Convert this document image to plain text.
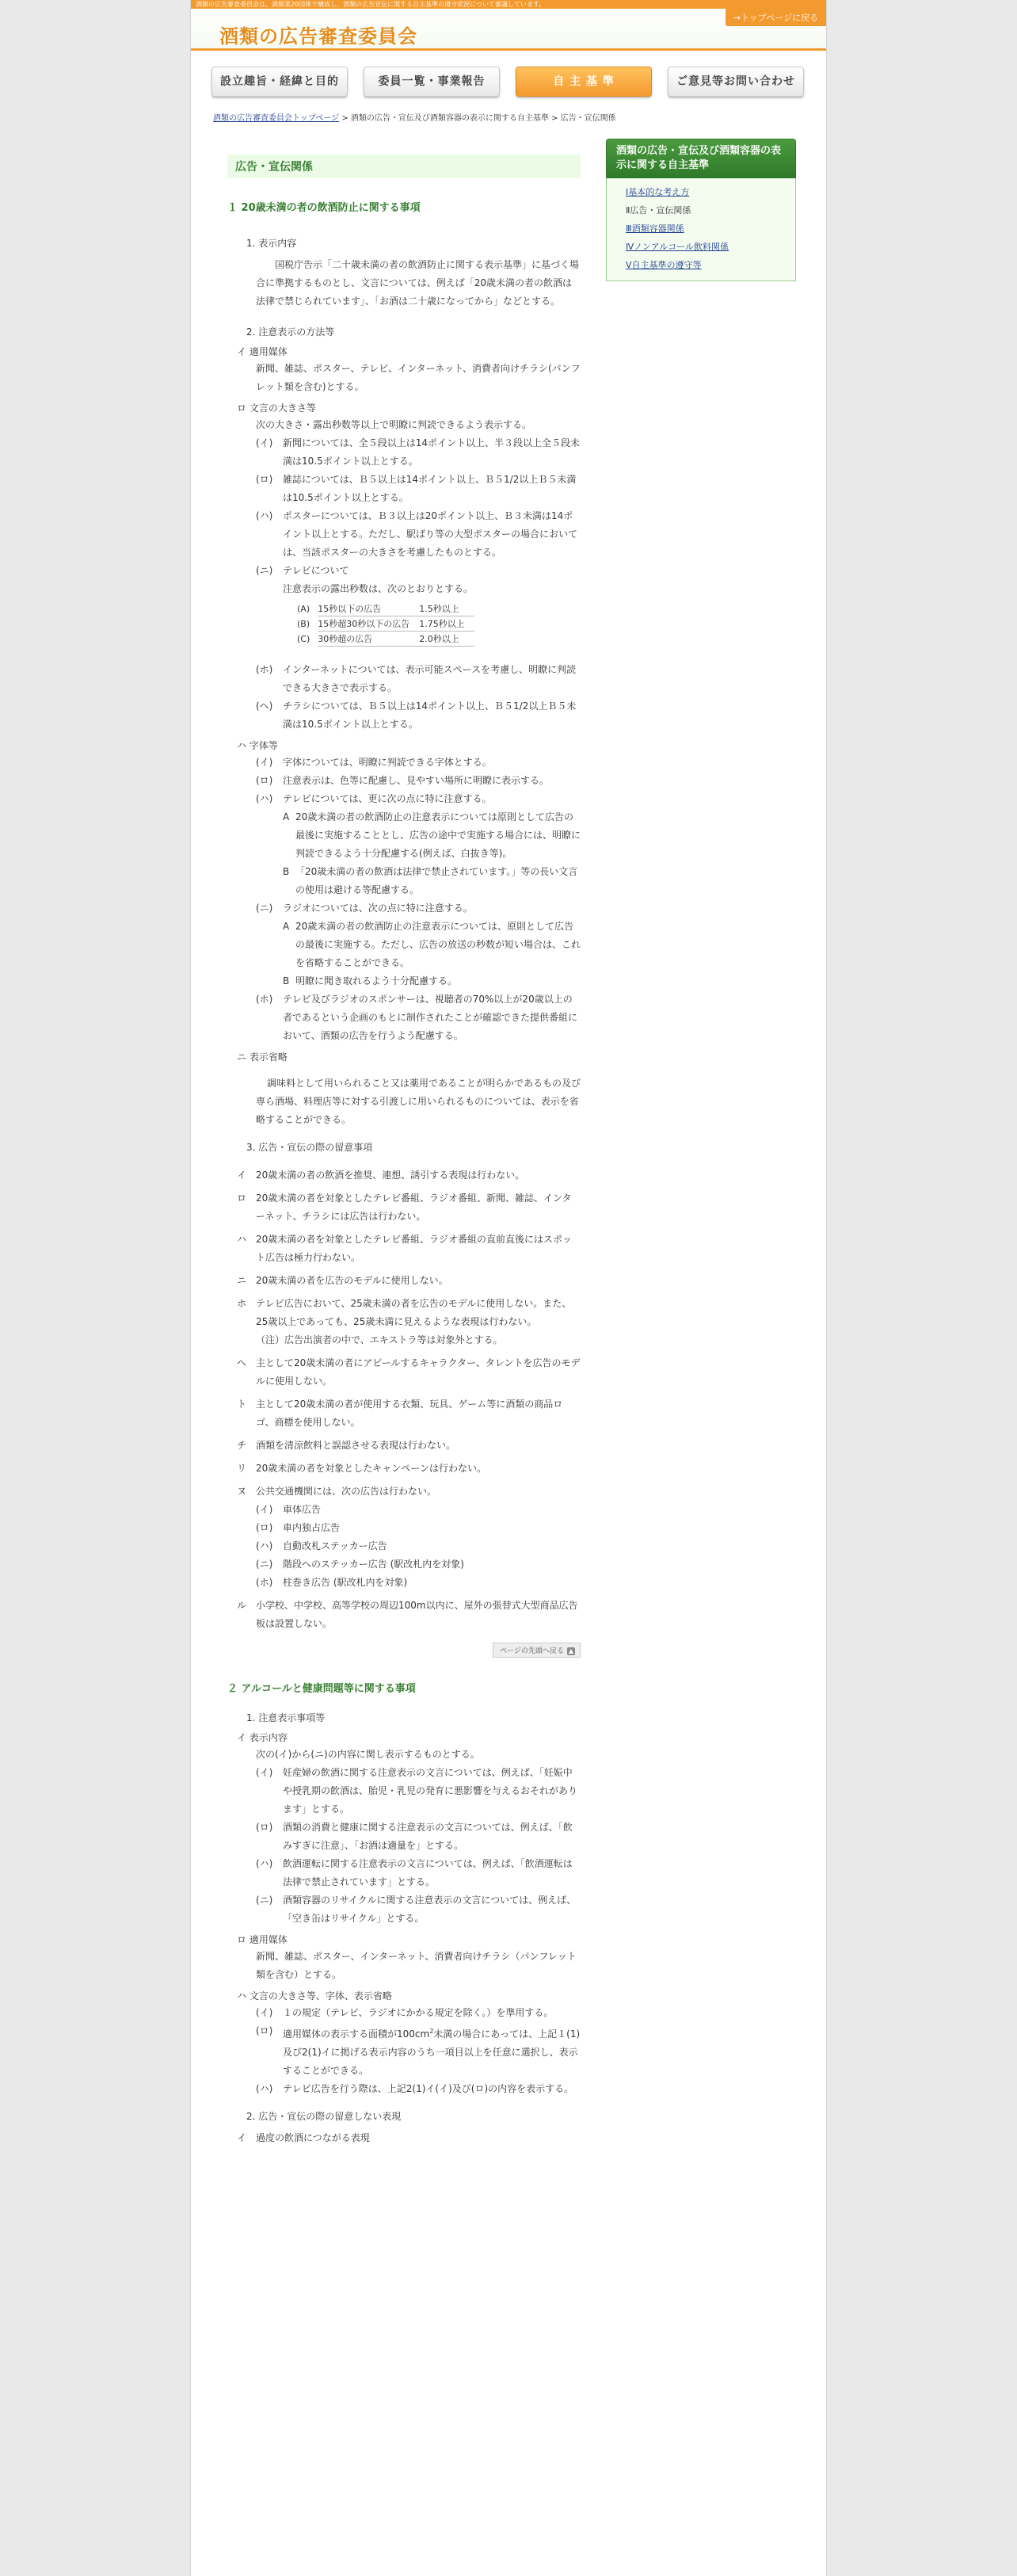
酒類の広告審査委員会は、酒類業20団体で構成し、酒類の広告宣伝に関する自主基準の遵守状況について審議しています。
酒類の広告審査委員会
→トップページに戻る
設立趣旨・経緯と目的	委員一覧・事業報告	自 主 基 準	ご意見等お問い合わせ
酒類の広告審査委員会トップページ > 酒類の広告・宣伝及び酒類容器の表示に関する自主基準 > 広告・宣伝関係
酒類の広告・宣伝及び酒類容器の表示に関する自主基準
Ⅰ基本的な考え方
Ⅱ広告・宣伝関係
Ⅲ酒類容器関係
Ⅳノンアルコール飲料関係
Ⅴ自主基準の遵守等
広告・宣伝関係
１ 20歳未満の者の飲酒防止に関する事項
1. 表示内容
国税庁告示「二十歳未満の者の飲酒防止に関する表示基準」に基づく場合に準拠するものとし、文言については、例えば「20歳未満の者の飲酒は法律で禁じられています」、「お酒は二十歳になってから」などとする。
2. 注意表示の方法等
イ 適用媒体
新聞、雑誌、ポスター、テレビ、インターネット、消費者向けチラシ(パンフレット類を含む)とする。
ロ 文言の大きさ等
次の大きさ・露出秒数等以上で明瞭に判読できるよう表示する。
(イ) 新聞については、全５段以上は14ポイント以上、半３段以上全５段未満は10.5ポイント以上とする。
(ロ) 雑誌については、Ｂ５以上は14ポイント以上、Ｂ５1/2以上Ｂ５未満は10.5ポイント以上とする。
(ハ) ポスターについては、Ｂ３以上は20ポイント以上、Ｂ３未満は14ポイント以上とする。ただし、駅ばり等の大型ポスターの場合においては、当該ポスターの大きさを考慮したものとする。
(ニ) テレビについて
注意表示の露出秒数は、次のとおりとする。
(A)	15秒以下の広告	1.5秒以上
(B)	15秒超30秒以下の広告	1.75秒以上
(C)	30秒超の広告	2.0秒以上
(ホ) インターネットについては、表示可能スペースを考慮し、明瞭に判読できる大きさで表示する。
(ヘ) チラシについては、Ｂ５以上は14ポイント以上、Ｂ５1/2以上Ｂ５未満は10.5ポイント以上とする。
ハ 字体等
(イ) 字体については、明瞭に判読できる字体とする。
(ロ) 注意表示は、色等に配慮し、見やすい場所に明瞭に表示する。
(ハ) テレビについては、更に次の点に特に注意する。
A 20歳未満の者の飲酒防止の注意表示については原則として広告の最後に実施することとし、広告の途中で実施する場合には、明瞭に判読できるよう十分配慮する(例えば、白抜き等)。
B 「20歳未満の者の飲酒は法律で禁止されています。」等の長い文言の使用は避ける等配慮する。
(ニ) ラジオについては、次の点に特に注意する。
A 20歳未満の者の飲酒防止の注意表示については、原則として広告の最後に実施する。ただし、広告の放送の秒数が短い場合は、これを省略することができる。
B 明瞭に聞き取れるよう十分配慮する。
(ホ) テレビ及びラジオのスポンサーは、視聴者の70%以上が20歳以上の者であるという企画のもとに制作されたことが確認できた提供番組において、酒類の広告を行うよう配慮する。
ニ 表示省略
調味料として用いられること又は薬用であることが明らかであるもの及び専ら酒場、料理店等に対する引渡しに用いられるものについては、表示を省略することができる。
3. 広告・宣伝の際の留意事項
イ 20歳未満の者の飲酒を推奨、連想、誘引する表現は行わない。
ロ 20歳未満の者を対象としたテレビ番組、ラジオ番組、新聞、雑誌、インターネット、チラシには広告は行わない。
ハ 20歳未満の者を対象としたテレビ番組、ラジオ番組の直前直後にはスポット広告は極力行わない。
ニ 20歳未満の者を広告のモデルに使用しない。
ホ テレビ広告において、25歳未満の者を広告のモデルに使用しない。また、25歳以上であっても、25歳未満に見えるような表現は行わない。
（注）広告出演者の中で、エキストラ等は対象外とする。
ヘ 主として20歳未満の者にアピールするキャラクター、タレントを広告のモデルに使用しない。
ト 主として20歳未満の者が使用する衣類、玩具、ゲーム等に酒類の商品ロゴ、商標を使用しない。
チ 酒類を清涼飲料と誤認させる表現は行わない。
リ 20歳未満の者を対象としたキャンペーンは行わない。
ヌ 公共交通機関には、次の広告は行わない。
(イ) 車体広告
(ロ) 車内独占広告
(ハ) 自動改札ステッカー広告
(ニ) 階段へのステッカー広告 (駅改札内を対象)
(ホ) 柱巻き広告 (駅改札内を対象)
ル 小学校、中学校、高等学校の周辺100m以内に、屋外の張替式大型商品広告板は設置しない。
ページの先頭へ戻る ▲
２ アルコールと健康問題等に関する事項
1. 注意表示事項等
イ 表示内容
次の(イ)から(ニ)の内容に関し表示するものとする。
(イ) 妊産婦の飲酒に関する注意表示の文言については、例えば、「妊娠中や授乳期の飲酒は、胎児・乳児の発育に悪影響を与えるおそれがあります」とする。
(ロ) 酒類の消費と健康に関する注意表示の文言については、例えば、「飲みすぎに注意」、「お酒は適量を」とする。
(ハ) 飲酒運転に関する注意表示の文言については、例えば、「飲酒運転は法律で禁止されています」とする。
(ニ) 酒類容器のリサイクルに関する注意表示の文言については、例えば、「空き缶はリサイクル」とする。
ロ 適用媒体
新聞、雑誌、ポスター、インターネット、消費者向けチラシ（パンフレット類を含む）とする。
ハ 文言の大きさ等、字体、表示省略
(イ) １の規定（テレビ、ラジオにかかる規定を除く。）を準用する。
(ロ) 適用媒体の表示する面積が$100cm^2$未満の場合にあっては、上記１(1)及び2(1)イに掲げる表示内容のうち一項目以上を任意に選択し、表示することができる。
(ハ) テレビ広告を行う際は、上記2(1)イ(イ)及び(ロ)の内容を表示する。
2. 広告・宣伝の際の留意しない表現
イ 過度の飲酒につながる表現
